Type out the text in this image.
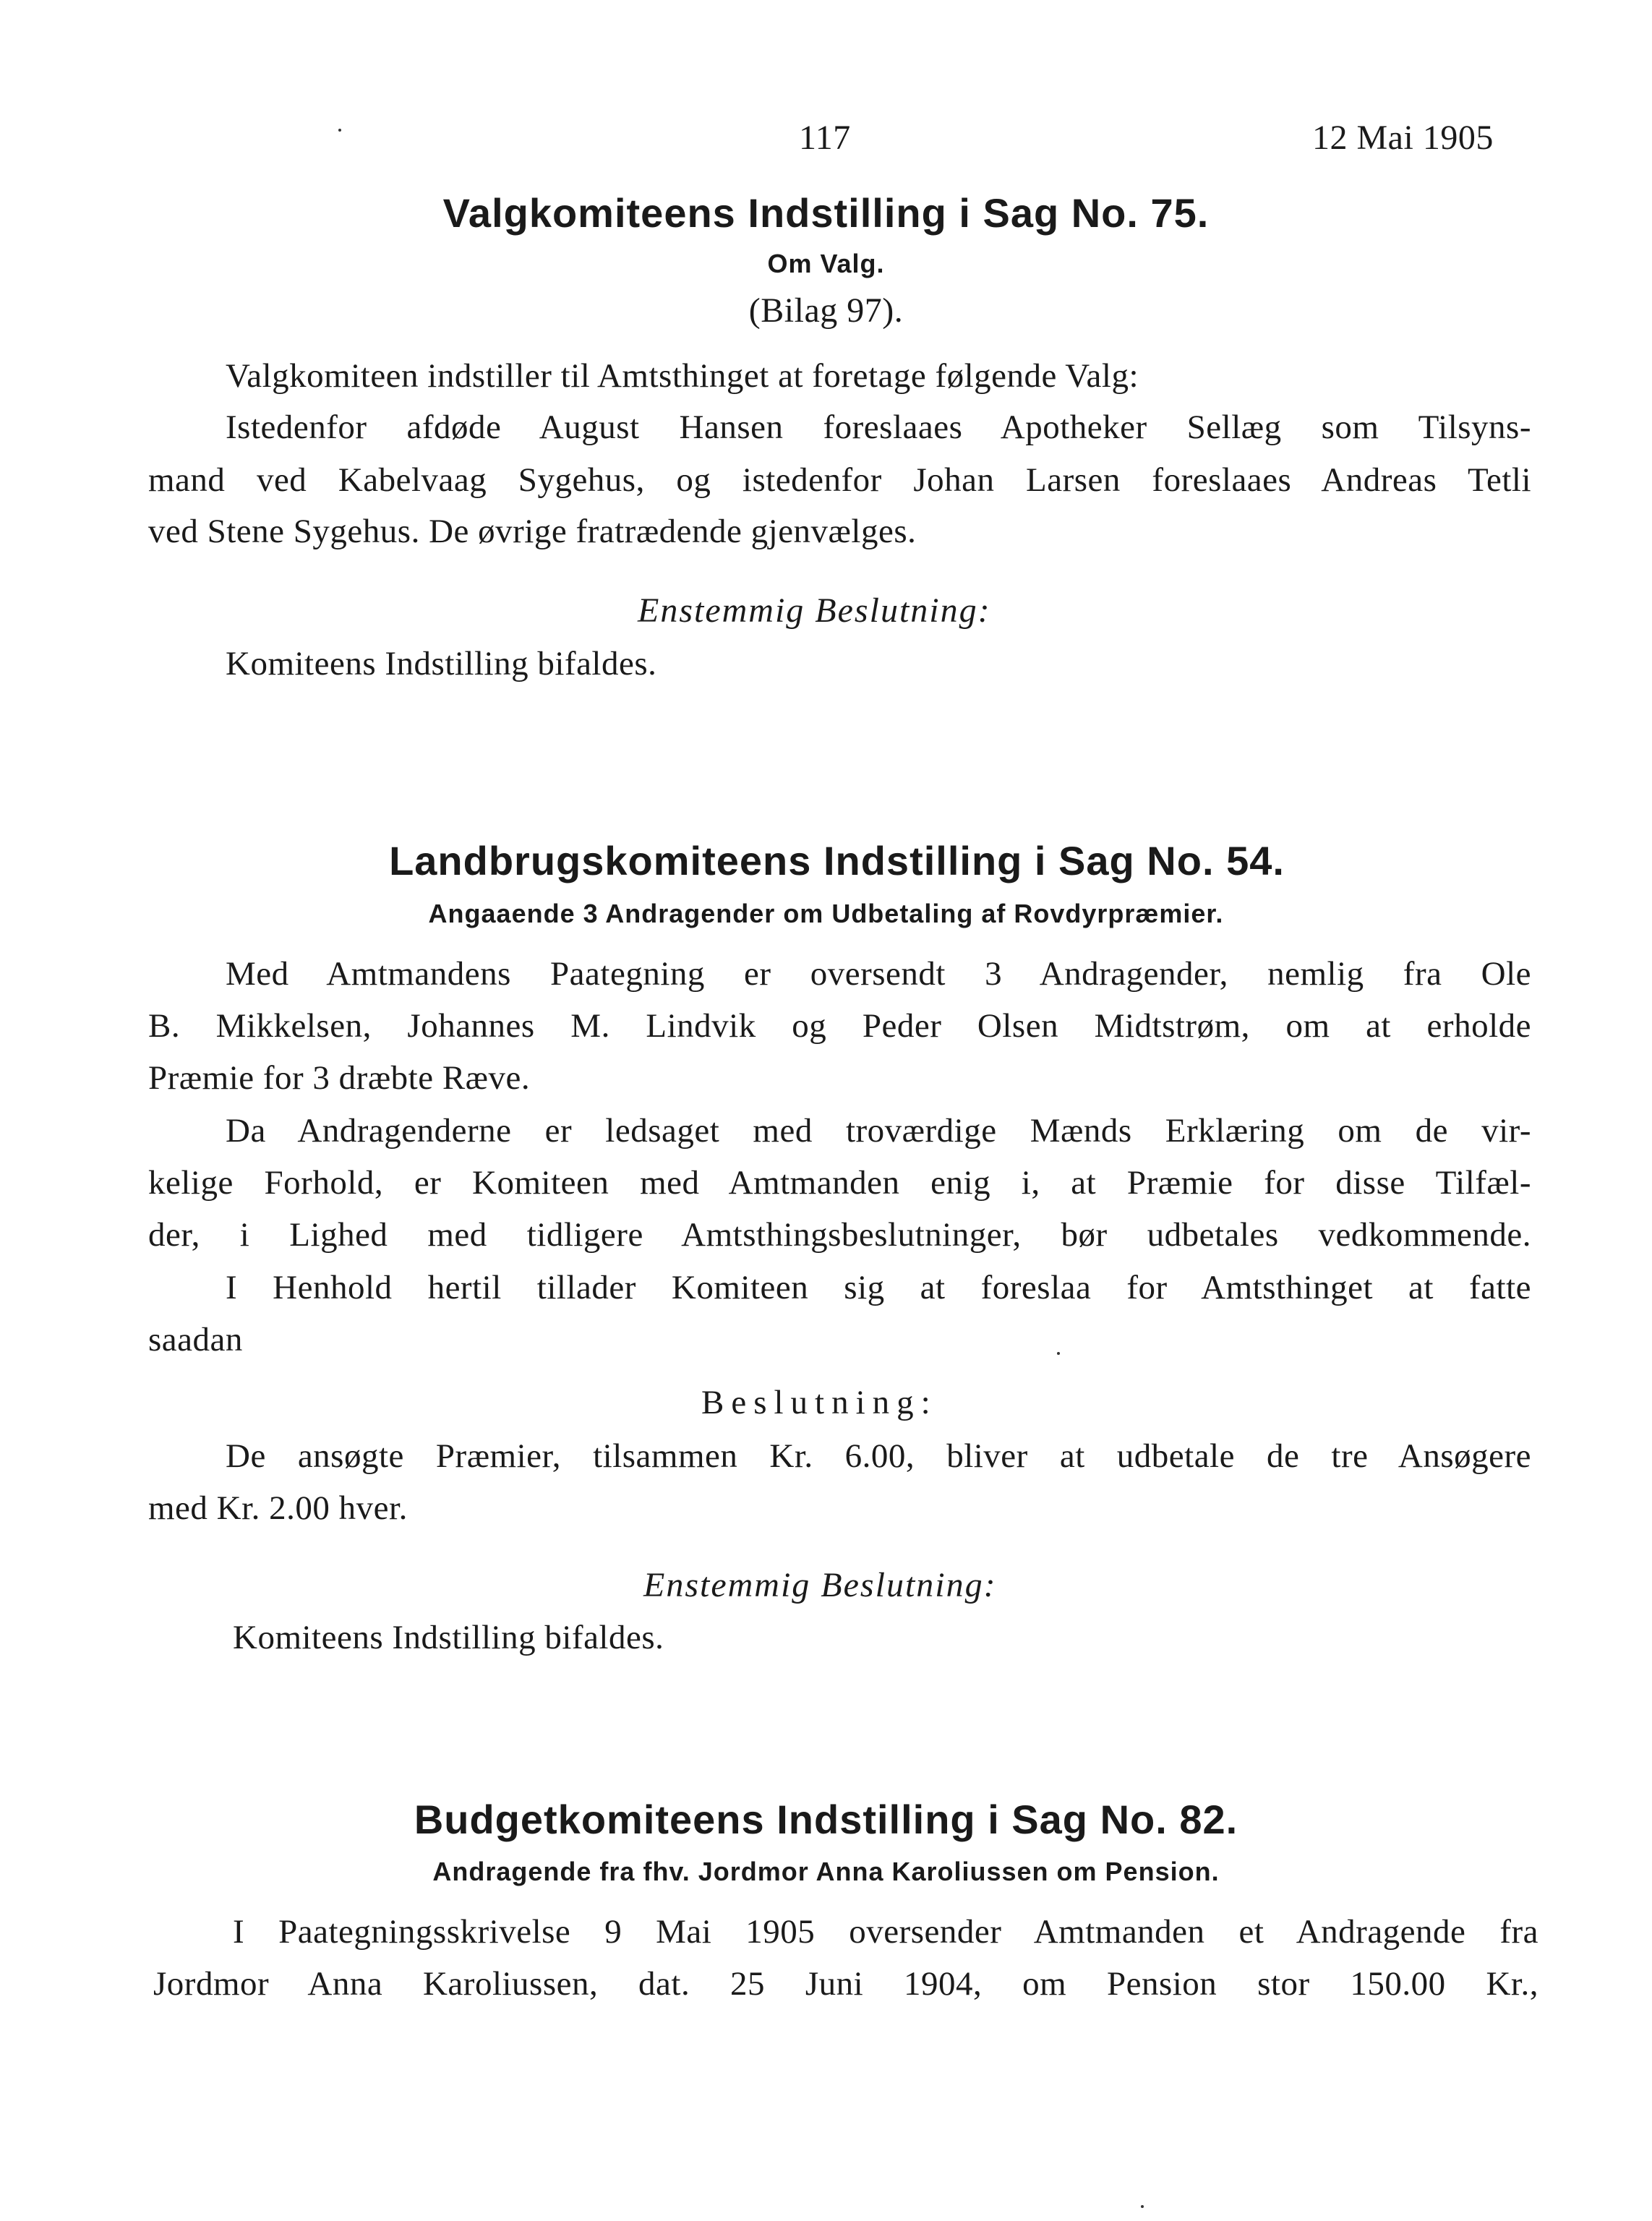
117	12 Mai 1905
Valgkomiteens Indstilling i Sag No. 75.
Om Valg.
(Bilag 97).
Valgkomiteen indstiller til Amtsthinget at foretage følgende Valg:
Istedenfor afdøde August Hansen foreslaaes Apotheker Sellæg som Tilsyns-
mand ved Kabelvaag Sygehus, og istedenfor Johan Larsen foreslaaes Andreas Tetli
ved Stene Sygehus. De øvrige fratrædende gjenvælges.
Enstemmig Beslutning:
Komiteens Indstilling bifaldes.
Landbrugskomiteens Indstilling i Sag No. 54.
Angaaende 3 Andragender om Udbetaling af Rovdyrpræmier.
Med Amtmandens Paategning er oversendt 3 Andragender, nemlig fra Ole
B. Mikkelsen, Johannes M. Lindvik og Peder Olsen Midtstrøm, om at erholde
Præmie for 3 dræbte Ræve.
Da Andragenderne er ledsaget med troværdige Mænds Erklæring om de vir-
kelige Forhold, er Komiteen med Amtmanden enig i, at Præmie for disse Tilfæl-
der, i Lighed med tidligere Amtsthingsbeslutninger, bør udbetales vedkommende.
I Henhold hertil tillader Komiteen sig at foreslaa for Amtsthinget at fatte
saadan
Beslutning:
De ansøgte Præmier, tilsammen Kr. 6.00, bliver at udbetale de tre Ansøgere
med Kr. 2.00 hver.
Enstemmig Beslutning:
Komiteens Indstilling bifaldes.
Budgetkomiteens Indstilling i Sag No. 82.
Andragende fra fhv. Jordmor Anna Karoliussen om Pension.
I Paategningsskrivelse 9 Mai 1905 oversender Amtmanden et Andragende fra
Jordmor Anna Karoliussen, dat. 25 Juni 1904, om Pension stor 150.00 Kr.,
